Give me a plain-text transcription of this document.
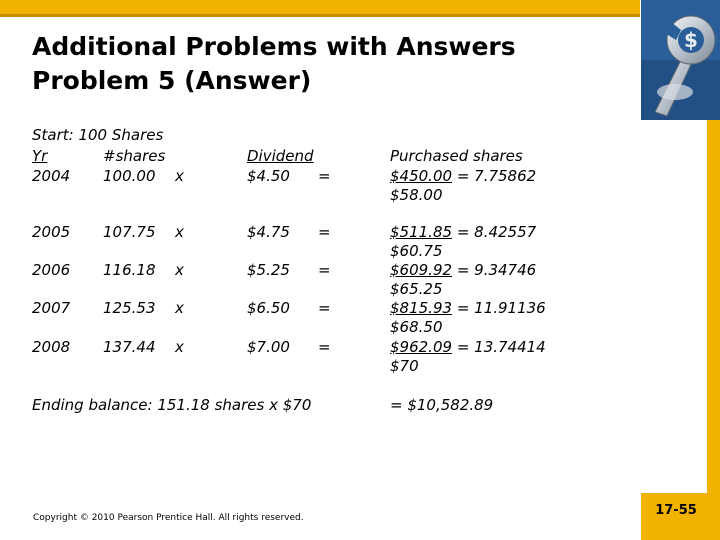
$
Additional Problems with Answers
Problem 5 (Answer)
Start: 100 Shares
Yr	#shares	Dividend	Purchased shares
2004 100.00 x	$4.50 =	$450.00 = 7.75862
$58.00
2005 107.75 x	$4.75 =	$511.85 = 8.42557
$60.75
2006 116.18 x	$5.25 =	$609.92 = 9.34746
$65.25
2007 125.53 x	$6.50 =	$815.93 = 11.91136
$68.50
2008 137.44 x	$7.00 =	$962.09 = 13.74414
$70
Ending balance: 151.18 shares x $70	= $10,582.89
Copyright © 2010 Pearson Prentice Hall. All rights reserved.	17-55
